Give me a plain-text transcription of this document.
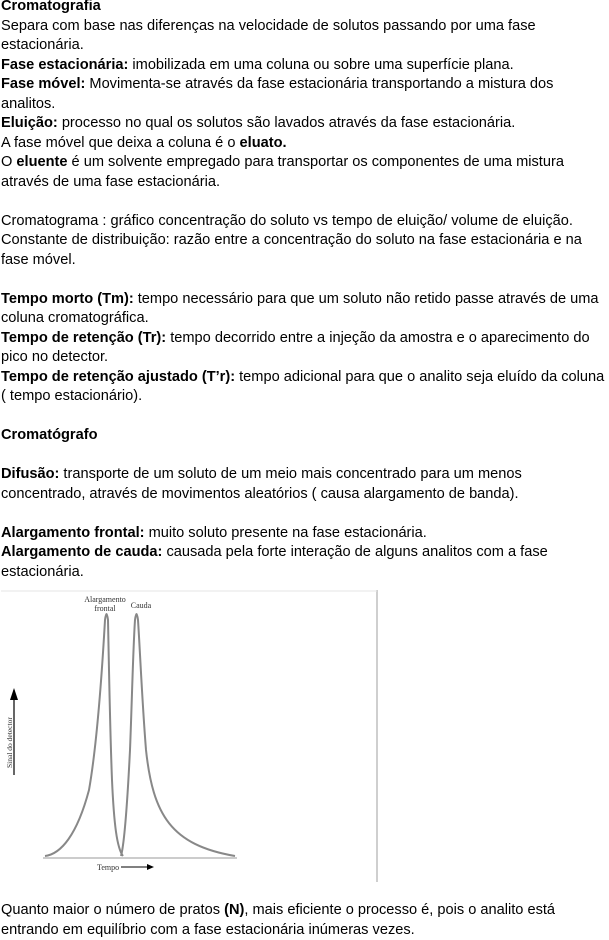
Cromatografia

Separa com base nas diferenças na velocidade de solutos passando por uma fase estacionária.

Fase estacionária: imobilizada em uma coluna ou sobre uma superfície plana.

Fase móvel: Movimenta-se através da fase estacionária transportando a mistura dos analitos.

Eluição: processo no qual os solutos são lavados através da fase estacionária.

A fase móvel que deixa a coluna é o eluato.

O eluente é um solvente empregado para transportar os componentes de uma mistura através de uma fase estacionária.

Cromatograma : gráfico concentração do soluto vs tempo de eluição/ volume de eluição.

Constante de distribuição: razão entre a concentração do soluto na fase estacionária e na fase móvel.

Tempo morto (Tm): tempo necessário para que um soluto não retido passe através de uma coluna cromatográfica.

Tempo de retenção (Tr): tempo decorrido entre a injeção da amostra e o aparecimento do pico no detector.

Tempo de retenção ajustado (T’r): tempo adicional para que o analito seja eluído da coluna ( tempo estacionário).

Cromatógrafo

Difusão: transporte de um soluto de um meio mais concentrado para um menos concentrado, através de movimentos aleatórios ( causa alargamento de banda).

Alargamento frontal: muito soluto presente na fase estacionária.

Alargamento de cauda: causada pela forte interação de alguns analitos com a fase estacionária.

Sinal do detector
Alargamento
frontal Cauda
Tempo

Quanto maior o número de pratos (N), mais eficiente o processo é, pois o analito está entrando em equilíbrio com a fase estacionária inúmeras vezes.
